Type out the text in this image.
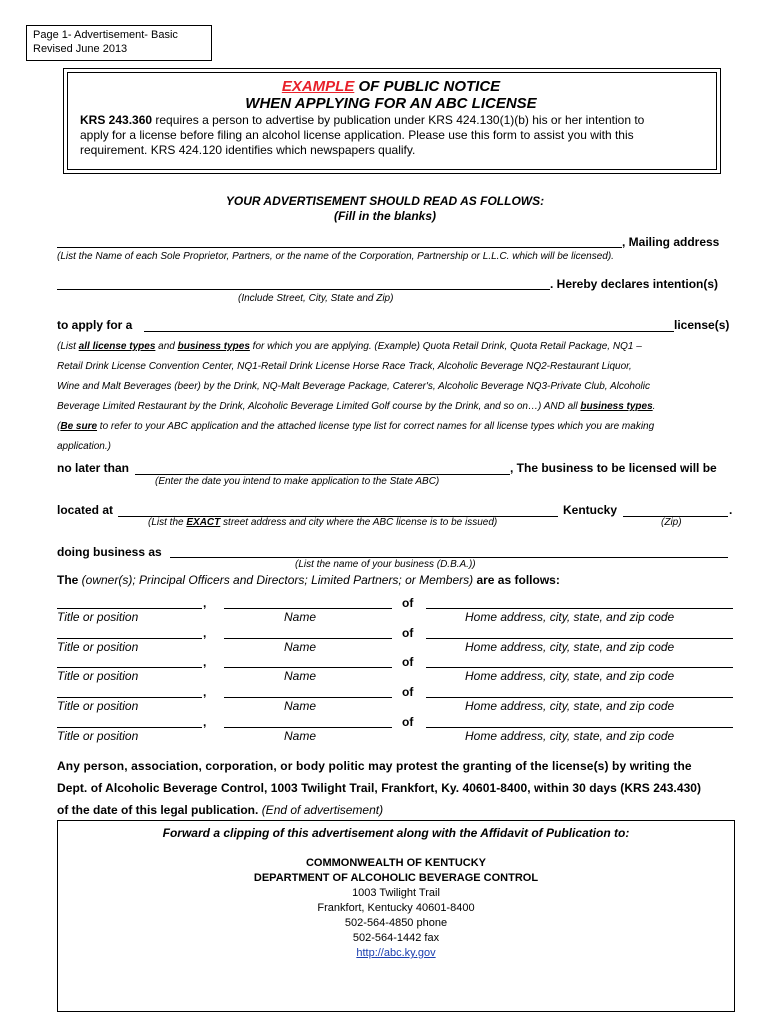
Page 1- Advertisement- Basic
Revised June 2013
EXAMPLE OF PUBLIC NOTICE
WHEN APPLYING FOR AN ABC LICENSE
KRS 243.360 requires a person to advertise by publication under KRS 424.130(1)(b) his or her intention to
apply for a license before filing an alcohol license application. Please use this form to assist you with this
requirement. KRS 424.120 identifies which newspapers qualify.
YOUR ADVERTISEMENT SHOULD READ AS FOLLOWS:
(Fill in the blanks)
, Mailing address
(List the Name of each Sole Proprietor, Partners, or the name of the Corporation, Partnership or L.L.C. which will be licensed).
. Hereby declares intention(s)
(Include Street, City, State and Zip)
to apply for a	license(s)
(List all license types and business types for which you are applying. (Example) Quota Retail Drink, Quota Retail Package, NQ1 –
Retail Drink License Convention Center, NQ1-Retail Drink License Horse Race Track, Alcoholic Beverage NQ2-Restaurant Liquor,
Wine and Malt Beverages (beer) by the Drink, NQ-Malt Beverage Package, Caterer's, Alcoholic Beverage NQ3-Private Club, Alcoholic
Beverage Limited Restaurant by the Drink, Alcoholic Beverage Limited Golf course by the Drink, and so on…) AND all business types.
(Be sure to refer to your ABC application and the attached license type list for correct names for all license types which you are making
application.)
no later than	, The business to be licensed will be
(Enter the date you intend to make application to the State ABC)
located at	Kentucky	.
(List the EXACT street address and city where the ABC license is to be issued)	(Zip)
doing business as
(List the name of your business (D.B.A.))
The (owner(s); Principal Officers and Directors; Limited Partners; or Members) are as follows:
,	of
Title or position	Name	Home address, city, state, and zip code
,	of
Title or position	Name	Home address, city, state, and zip code
,	of
Title or position	Name	Home address, city, state, and zip code
,	of
Title or position	Name	Home address, city, state, and zip code
,	of
Title or position	Name	Home address, city, state, and zip code
Any person, association, corporation, or body politic may protest the granting of the license(s) by writing the
Dept. of Alcoholic Beverage Control, 1003 Twilight Trail, Frankfort, Ky. 40601-8400, within 30 days (KRS 243.430)
of the date of this legal publication. (End of advertisement)
Forward a clipping of this advertisement along with the Affidavit of Publication to:
COMMONWEALTH OF KENTUCKY
DEPARTMENT OF ALCOHOLIC BEVERAGE CONTROL
1003 Twilight Trail
Frankfort, Kentucky 40601-8400
502-564-4850 phone
502-564-1442 fax
http://abc.ky.gov
